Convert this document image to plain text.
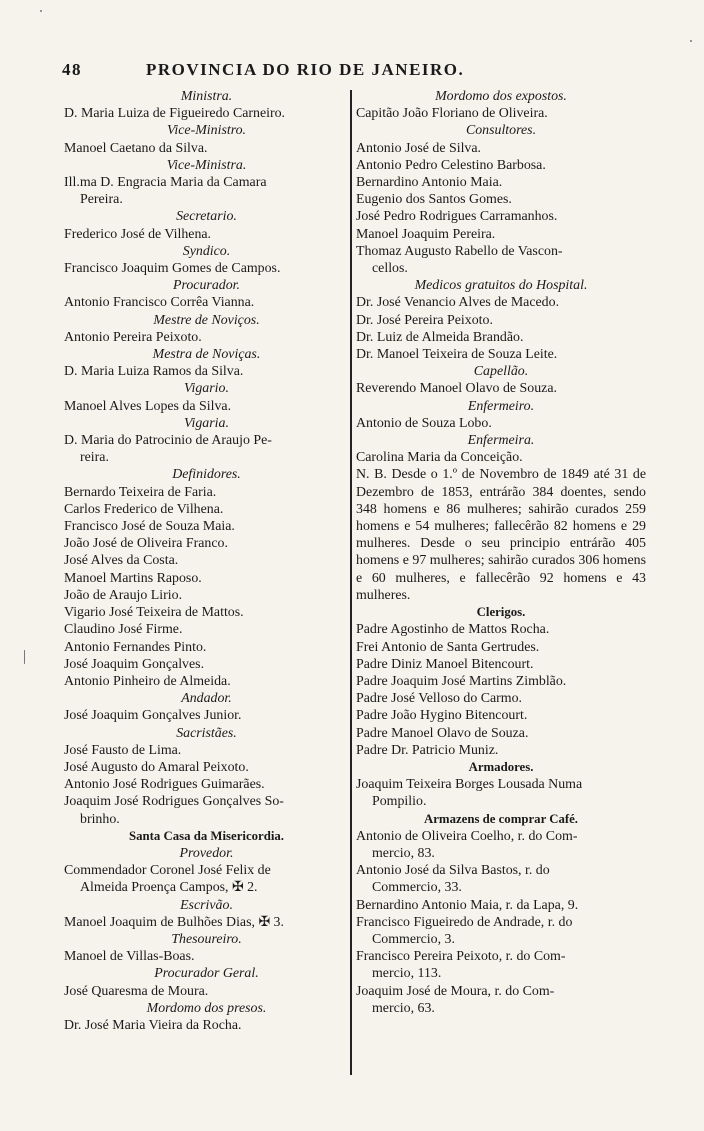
48	PROVINCIA DO RIO DE JANEIRO.
Ministra.
D. Maria Luiza de Figueiredo Carneiro.
Vice-Ministro.
Manoel Caetano da Silva.
Vice-Ministra.
Ill.ma D. Engracia Maria da Camara
Pereira.
Secretario.
Frederico José de Vilhena.
Syndico.
Francisco Joaquim Gomes de Campos.
Procurador.
Antonio Francisco Corrêa Vianna.
Mestre de Noviços.
Antonio Pereira Peixoto.
Mestra de Noviças.
D. Maria Luiza Ramos da Silva.
Vigario.
Manoel Alves Lopes da Silva.
Vigaria.
D. Maria do Patrocinio de Araujo Pe-
reira.
Definidores.
Bernardo Teixeira de Faria.
Carlos Frederico de Vilhena.
Francisco José de Souza Maia.
João José de Oliveira Franco.
José Alves da Costa.
Manoel Martins Raposo.
João de Araujo Lirio.
Vigario José Teixeira de Mattos.
Claudino José Firme.
Antonio Fernandes Pinto.
José Joaquim Gonçalves.
Antonio Pinheiro de Almeida.
Andador.
José Joaquim Gonçalves Junior.
Sacristães.
José Fausto de Lima.
José Augusto do Amaral Peixoto.
Antonio José Rodrigues Guimarães.
Joaquim José Rodrigues Gonçalves So-
brinho.
Santa Casa da Misericordia.
Provedor.
Commendador Coronel José Felix de
Almeida Proença Campos, ✠ 2.
Escrivão.
Manoel Joaquim de Bulhões Dias, ✠ 3.
Thesoureiro.
Manoel de Villas-Boas.
Procurador Geral.
José Quaresma de Moura.
Mordomo dos presos.
Dr. José Maria Vieira da Rocha.
Mordomo dos expostos.
Capitão João Floriano de Oliveira.
Consultores.
Antonio José de Silva.
Antonio Pedro Celestino Barbosa.
Bernardino Antonio Maia.
Eugenio dos Santos Gomes.
José Pedro Rodrigues Carramanhos.
Manoel Joaquim Pereira.
Thomaz Augusto Rabello de Vascon-
cellos.
Medicos gratuitos do Hospital.
Dr. José Venancio Alves de Macedo.
Dr. José Pereira Peixoto.
Dr. Luiz de Almeida Brandão.
Dr. Manoel Teixeira de Souza Leite.
Capellão.
Reverendo Manoel Olavo de Souza.
Enfermeiro.
Antonio de Souza Lobo.
Enfermeira.
Carolina Maria da Conceição.
N. B. Desde o 1.º de Novembro de 1849 até 31 de Dezembro de 1853, entrárão 384 doentes, sendo 348 homens e 86 mulheres; sahirão curados 259 homens e 54 mulheres; fallecêrão 82 homens e 29 mulheres. Desde o seu principio entrárão 405 homens e 97 mulheres; sahirão curados 306 homens e 60 mulheres, e fallecêrão 92 homens e 43 mulheres.
Clerigos.
Padre Agostinho de Mattos Rocha.
Frei Antonio de Santa Gertrudes.
Padre Diniz Manoel Bitencourt.
Padre Joaquim José Martins Zimblão.
Padre José Velloso do Carmo.
Padre João Hygino Bitencourt.
Padre Manoel Olavo de Souza.
Padre Dr. Patricio Muniz.
Armadores.
Joaquim Teixeira Borges Lousada Numa
Pompilio.
Armazens de comprar Café.
Antonio de Oliveira Coelho, r. do Com-
mercio, 83.
Antonio José da Silva Bastos, r. do
Commercio, 33.
Bernardino Antonio Maia, r. da Lapa, 9.
Francisco Figueiredo de Andrade, r. do
Commercio, 3.
Francisco Pereira Peixoto, r. do Com-
mercio, 113.
Joaquim José de Moura, r. do Com-
mercio, 63.
